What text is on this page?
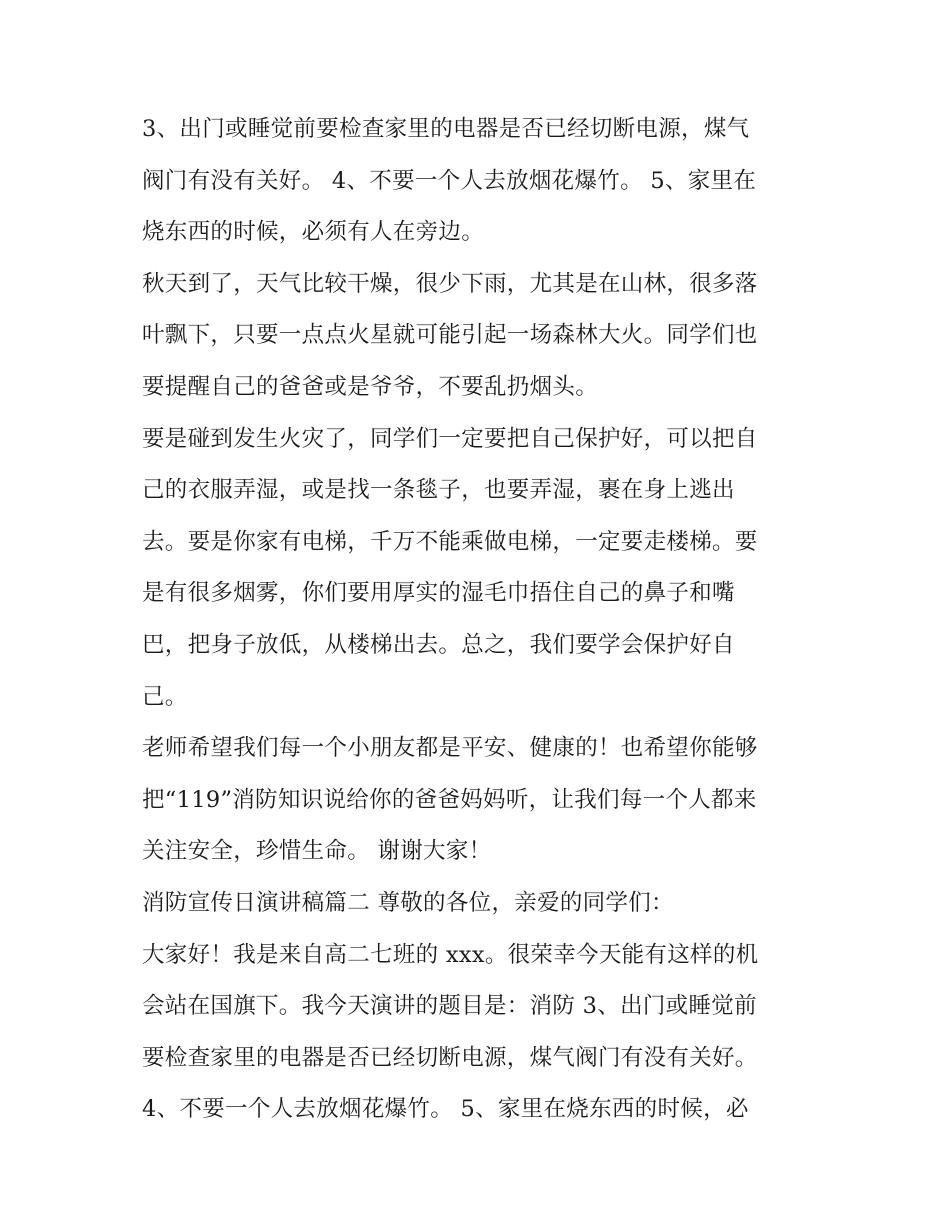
3、出门或睡觉前要检查家里的电器是否已经切断电源，煤气
阀门有没有关好。 4、不要一个人去放烟花爆竹。 5、家里在
烧东西的时候，必须有人在旁边。
秋天到了，天气比较干燥，很少下雨，尤其是在山林，很多落
叶飘下，只要一点点火星就可能引起一场森林大火。同学们也
要提醒自己的爸爸或是爷爷，不要乱扔烟头。
要是碰到发生火灾了，同学们一定要把自己保护好，可以把自
己的衣服弄湿，或是找一条毯子，也要弄湿，裹在身上逃出
去。要是你家有电梯，千万不能乘做电梯，一定要走楼梯。要
是有很多烟雾，你们要用厚实的湿毛巾捂住自己的鼻子和嘴
巴，把身子放低，从楼梯出去。总之，我们要学会保护好自
己。
老师希望我们每一个小朋友都是平安、健康的！也希望你能够
把“119”消防知识说给你的爸爸妈妈听，让我们每一个人都来
关注安全，珍惜生命。 谢谢大家！
消防宣传日演讲稿篇二 尊敬的各位，亲爱的同学们：
大家好！我是来自高二七班的 xxx。很荣幸今天能有这样的机
会站在国旗下。我今天演讲的题目是：消防 3、出门或睡觉前
要检查家里的电器是否已经切断电源，煤气阀门有没有关好。
4、不要一个人去放烟花爆竹。 5、家里在烧东西的时候，必
